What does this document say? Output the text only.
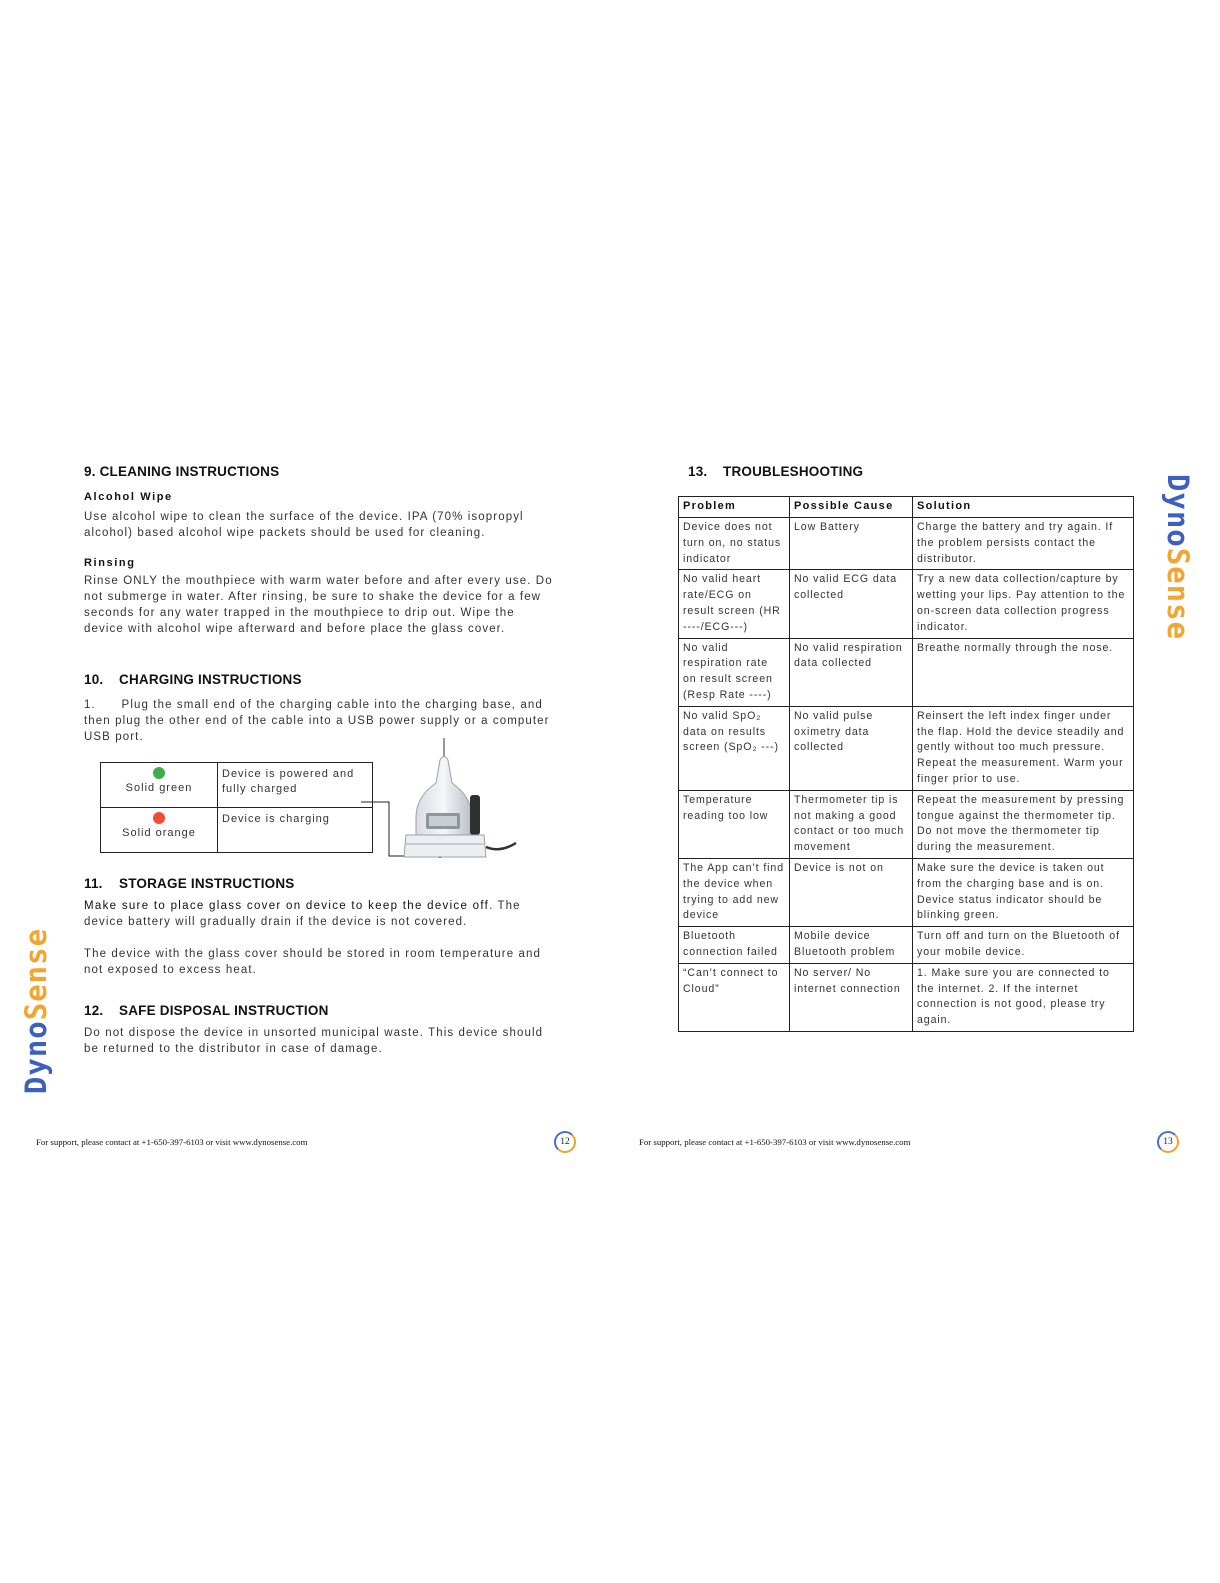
9. CLEANING INSTRUCTIONS
Alcohol Wipe

Use alcohol wipe to clean the surface of the device. IPA (70% isopropyl alcohol) based alcohol wipe packets should be used for cleaning.

Rinsing

Rinse ONLY the mouthpiece with warm water before and after every use. Do not submerge in water. After rinsing, be sure to shake the device for a few seconds for any water trapped in the mouthpiece to drip out. Wipe the device with alcohol wipe afterward and before place the glass cover.

10. CHARGING INSTRUCTIONS

1.      Plug the small end of the charging cable into the charging base, and then plug the other end of the cable into a USB power supply or a computer USB port.

Solid green	Device is powered and fully charged

Solid orange	Device is charging
11. STORAGE INSTRUCTIONS

Make sure to place glass cover on device to keep the device off. The device battery will gradually drain if the device is not covered.

The device with the glass cover should be stored in room temperature and not exposed to excess heat.

12. SAFE DISPOSAL INSTRUCTION

Do not dispose the device in unsorted municipal waste. This device should be returned to the distributor in case of damage.

DynoSense
For support, please contact at +1-650-397-6103 or visit www.dynosense.com	12
13. TROUBLESHOOTING
Problem	Possible Cause	Solution
Device does not turn on, no status indicator	Low Battery	Charge the battery and try again. If the problem persists contact the distributor.
No valid heart rate/ECG on result screen (HR ----/ECG---)	No valid ECG data collected	Try a new data collection/capture by wetting your lips. Pay attention to the on-screen data collection progress indicator.
No valid respiration rate on result screen (Resp Rate ----)	No valid respiration data collected	Breathe normally through the nose.
No valid SpO₂ data on results screen (SpO₂ ---)	No valid pulse oximetry data collected	Reinsert the left index finger under the flap. Hold the device steadily and gently without too much pressure. Repeat the measurement. Warm your finger prior to use.
Temperature reading too low	Thermometer tip is not making a good contact or too much movement	Repeat the measurement by pressing tongue against the thermometer tip. Do not move the thermometer tip during the measurement.
The App can’t find the device when trying to add new device	Device is not on	Make sure the device is taken out from the charging base and is on. Device status indicator should be blinking green.
Bluetooth connection failed	Mobile device Bluetooth problem	Turn off and turn on the Bluetooth of your mobile device.
“Can’t connect to Cloud”	No server/ No internet connection	1. Make sure you are connected to the internet. 2. If the internet connection is not good, please try again.
DynoSense
For support, please contact at +1-650-397-6103 or visit www.dynosense.com	13
